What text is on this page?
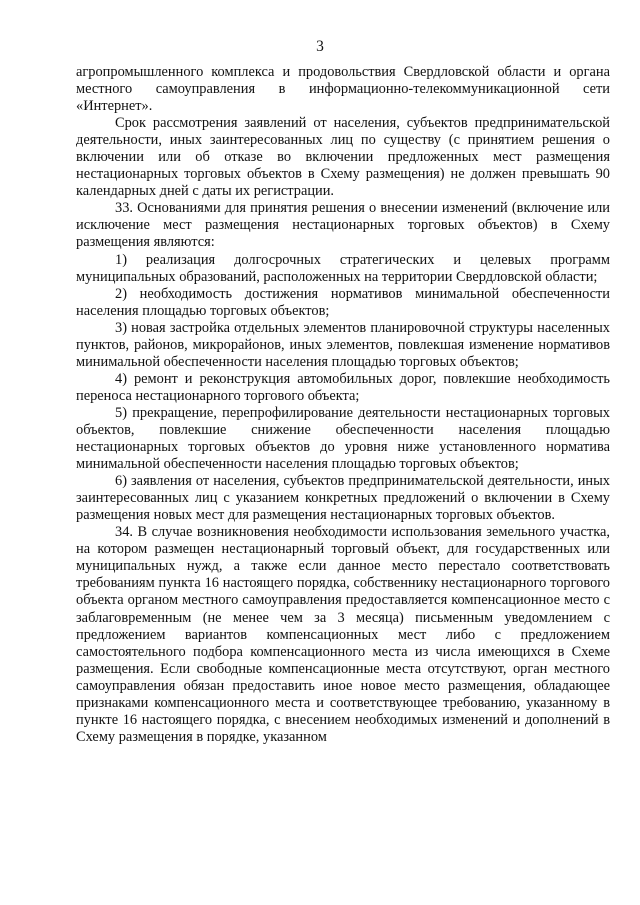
3

агропромышленного комплекса и продовольствия Свердловской области и органа местного самоуправления в информационно-телекоммуникационной сети «Интернет».

Срок рассмотрения заявлений от населения, субъектов предпринимательской деятельности, иных заинтересованных лиц по существу (с принятием решения о включении или об отказе во включении предложенных мест размещения нестационарных торговых объектов в Схему размещения) не должен превышать 90 календарных дней с даты их регистрации.

33. Основаниями для принятия решения о внесении изменений (включение или исключение мест размещения нестационарных торговых объектов) в Схему размещения являются:

1) реализация долгосрочных стратегических и целевых программ муниципальных образований, расположенных на территории Свердловской области;

2) необходимость достижения нормативов минимальной обеспеченности населения площадью торговых объектов;

3) новая застройка отдельных элементов планировочной структуры населенных пунктов, районов, микрорайонов, иных элементов, повлекшая изменение нормативов минимальной обеспеченности населения площадью торговых объектов;

4) ремонт и реконструкция автомобильных дорог, повлекшие необходимость переноса нестационарного торгового объекта;

5) прекращение, перепрофилирование деятельности нестационарных торговых объектов, повлекшие снижение обеспеченности населения площадью нестационарных торговых объектов до уровня ниже установленного норматива минимальной обеспеченности населения площадью торговых объектов;

6) заявления от населения, субъектов предпринимательской деятельности, иных заинтересованных лиц с указанием конкретных предложений о включении в Схему размещения новых мест для размещения нестационарных торговых объектов.

34. В случае возникновения необходимости использования земельного участка, на котором размещен нестационарный торговый объект, для государственных или муниципальных нужд, а также если данное место перестало соответствовать требованиям пункта 16 настоящего порядка, собственнику нестационарного торгового объекта органом местного самоуправления предоставляется компенсационное место с заблаговременным (не менее чем за 3 месяца) письменным уведомлением с предложением вариантов компенсационных мест либо с предложением самостоятельного подбора компенсационного места из числа имеющихся в Схеме размещения. Если свободные компенсационные места отсутствуют, орган местного самоуправления обязан предоставить иное новое место размещения, обладающее признаками компенсационного места и соответствующее требованию, указанному в пункте 16 настоящего порядка, с внесением необходимых изменений и дополнений в Схему размещения в порядке, указанном
